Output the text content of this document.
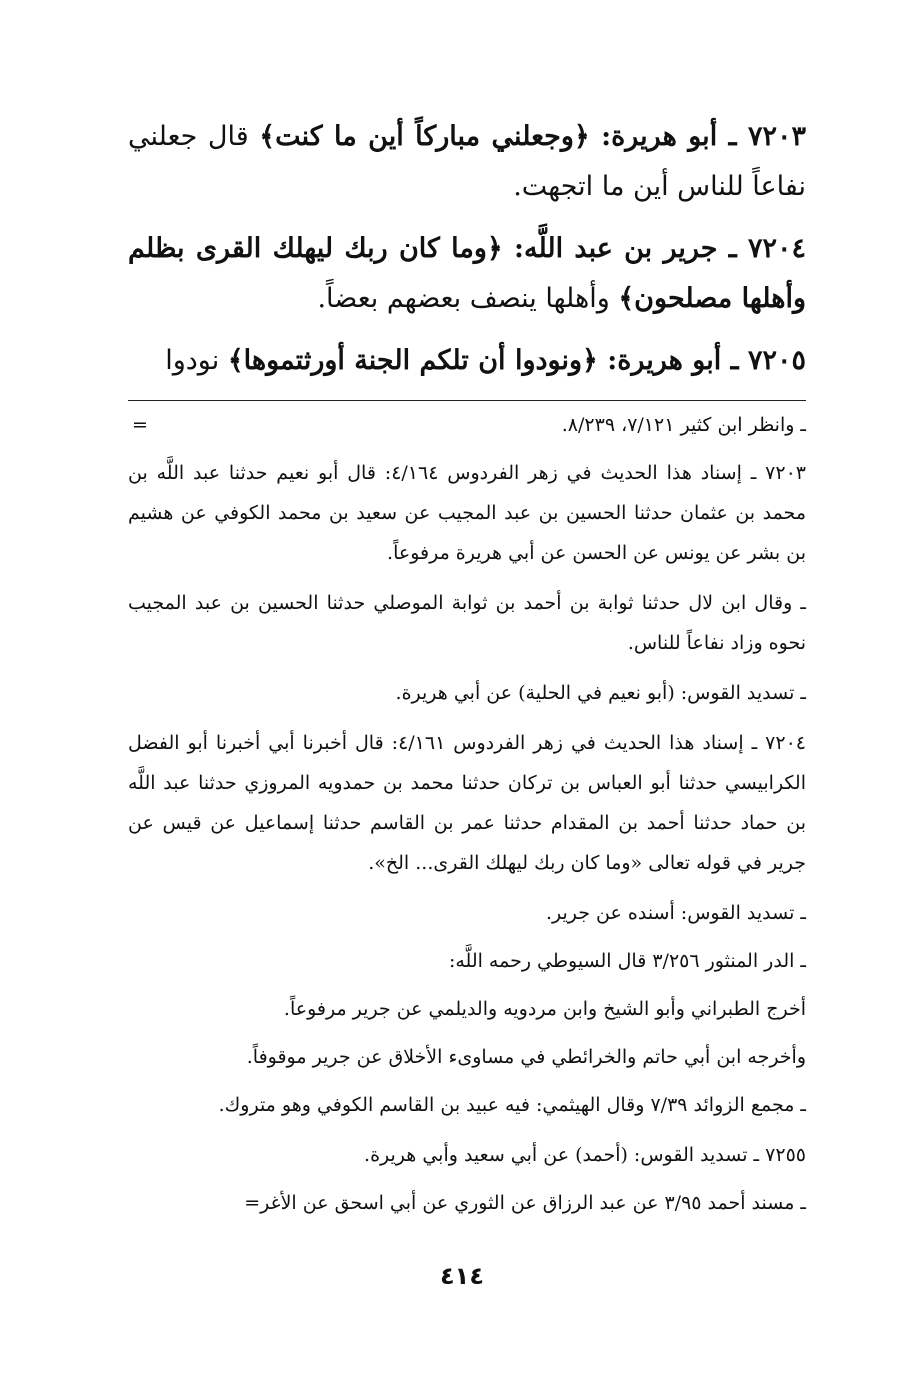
٧٢٠٣ ـ أبو هريرة: ﴿وجعلني مباركاً أين ما كنت﴾ قال جعلني نفاعاً للناس أين ما اتجهت.

٧٢٠٤ ـ جرير بن عبد اللَّه: ﴿وما كان ربك ليهلك القرى بظلم وأهلها مصلحون﴾ وأهلها ينصف بعضهم بعضاً.

٧٢٠٥ ـ أبو هريرة: ﴿ونودوا أن تلكم الجنة أورثتموها﴾ نودوا

ـ وانظر ابن كثير ٧/١٢١، ٨/٢٣٩.
=

٧٢٠٣ ـ إسناد هذا الحديث في زهر الفردوس ٤/١٦٤: قال أبو نعيم حدثنا عبد اللَّه بن محمد بن عثمان حدثنا الحسين بن عبد المجيب عن سعيد بن محمد الكوفي عن هشيم بن بشر عن يونس عن الحسن عن أبي هريرة مرفوعاً.

ـ وقال ابن لال حدثنا ثوابة بن أحمد بن ثوابة الموصلي حدثنا الحسين بن عبد المجيب نحوه وزاد نفاعاً للناس.

ـ تسديد القوس: (أبو نعيم في الحلية) عن أبي هريرة.

٧٢٠٤ ـ إسناد هذا الحديث في زهر الفردوس ٤/١٦١: قال أخبرنا أبي أخبرنا أبو الفضل الكرابيسي حدثنا أبو العباس بن تركان حدثنا محمد بن حمدويه المروزي حدثنا عبد اللَّه بن حماد حدثنا أحمد بن المقدام حدثنا عمر بن القاسم حدثنا إسماعيل عن قيس عن جرير في قوله تعالى «وما كان ربك ليهلك القرى... الخ».

ـ تسديد القوس: أسنده عن جرير.

ـ الدر المنثور ٣/٢٥٦ قال السيوطي رحمه اللَّه:

أخرج الطبراني وأبو الشيخ وابن مردويه والديلمي عن جرير مرفوعاً.

وأخرجه ابن أبي حاتم والخرائطي في مساوىء الأخلاق عن جرير موقوفاً.

ـ مجمع الزوائد ٧/٣٩ وقال الهيثمي: فيه عبيد بن القاسم الكوفي وهو متروك.

٧٢٥٥ ـ تسديد القوس: (أحمد) عن أبي سعيد وأبي هريرة.

ـ مسند أحمد ٣/٩٥ عن عبد الرزاق عن الثوري عن أبي اسحق عن الأغر=

٤١٤
